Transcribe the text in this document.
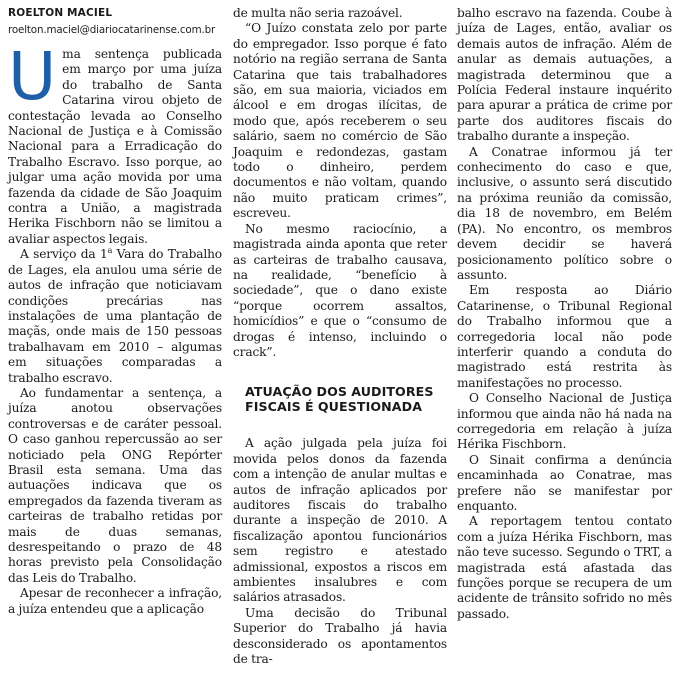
ROELTON MACIEL
roelton.maciel@diariocatarinense.com.br

Uma sentença publicada em março por uma juíza do trabalho de Santa Catarina virou objeto de contestação levada ao Conselho Nacional de Justiça e à Comissão Nacional para a Erradicação do Trabalho Escravo. Isso porque, ao julgar uma ação movida por uma fazenda da cidade de São Joaquim contra a União, a magistrada Herika Fischborn não se limitou a avaliar aspectos legais.

A serviço da 1$^a$ Vara do Trabalho de Lages, ela anulou uma série de autos de infração que noticiavam condições precárias nas instalações de uma plantação de maçãs, onde mais de 150 pessoas trabalhavam em 2010 – algumas em situações comparadas a trabalho escravo.

Ao fundamentar a sentença, a juíza anotou observações controversas e de caráter pessoal. O caso ganhou repercussão ao ser noticiado pela ONG Repórter Brasil esta semana. Uma das autuações indicava que os empregados da fazenda tiveram as carteiras de trabalho retidas por mais de duas semanas, desrespeitando o prazo de 48 horas previsto pela Consolidação das Leis do Trabalho.

Apesar de reconhecer a infração, a juíza entendeu que a aplicação

de multa não seria razoável.

“O Juízo constata zelo por parte do empregador. Isso porque é fato notório na região serrana de Santa Catarina que tais trabalhadores são, em sua maioria, viciados em álcool e em drogas ilícitas, de modo que, após receberem o seu salário, saem no comércio de São Joaquim e redondezas, gastam todo o dinheiro, perdem documentos e não voltam, quando não muito praticam crimes”, escreveu.

No mesmo raciocínio, a magistrada ainda aponta que reter as carteiras de trabalho causava, na realidade, “benefício à sociedade”, que o dano existe “porque ocorrem assaltos, homicídios” e que o “consumo de drogas é intenso, incluindo o crack”.

ATUAÇÃO DOS AUDITORES
FISCAIS É QUESTIONADA

A ação julgada pela juíza foi movida pelos donos da fazenda com a intenção de anular multas e autos de infração aplicados por auditores fiscais do trabalho durante a inspeção de 2010. A fiscalização apontou funcionários sem registro e atestado admissional, expostos a riscos em ambientes insalubres e com salários atrasados.

Uma decisão do Tribunal Superior do Trabalho já havia desconsiderado os apontamentos de tra-

balho escravo na fazenda. Coube à juíza de Lages, então, avaliar os demais autos de infração. Além de anular as demais autuações, a magistrada determinou que a Polícia Federal instaure inquérito para apurar a prática de crime por parte dos auditores fiscais do trabalho durante a inspeção.

A Conatrae informou já ter conhecimento do caso e que, inclusive, o assunto será discutido na próxima reunião da comissão, dia 18 de novembro, em Belém (PA). No encontro, os membros devem decidir se haverá posicionamento político sobre o assunto.

Em resposta ao Diário Catarinense, o Tribunal Regional do Trabalho informou que a corregedoria local não pode interferir quando a conduta do magistrado está restrita às manifestações no processo.

O Conselho Nacional de Justiça informou que ainda não há nada na corregedoria em relação à juíza Hérika Fischborn.

O Sinait confirma a denúncia encaminhada ao Conatrae, mas prefere não se manifestar por enquanto.

A reportagem tentou contato com a juíza Hérika Fischborn, mas não teve sucesso. Segundo o TRT, a magistrada está afastada das funções porque se recupera de um acidente de trânsito sofrido no mês passado.
